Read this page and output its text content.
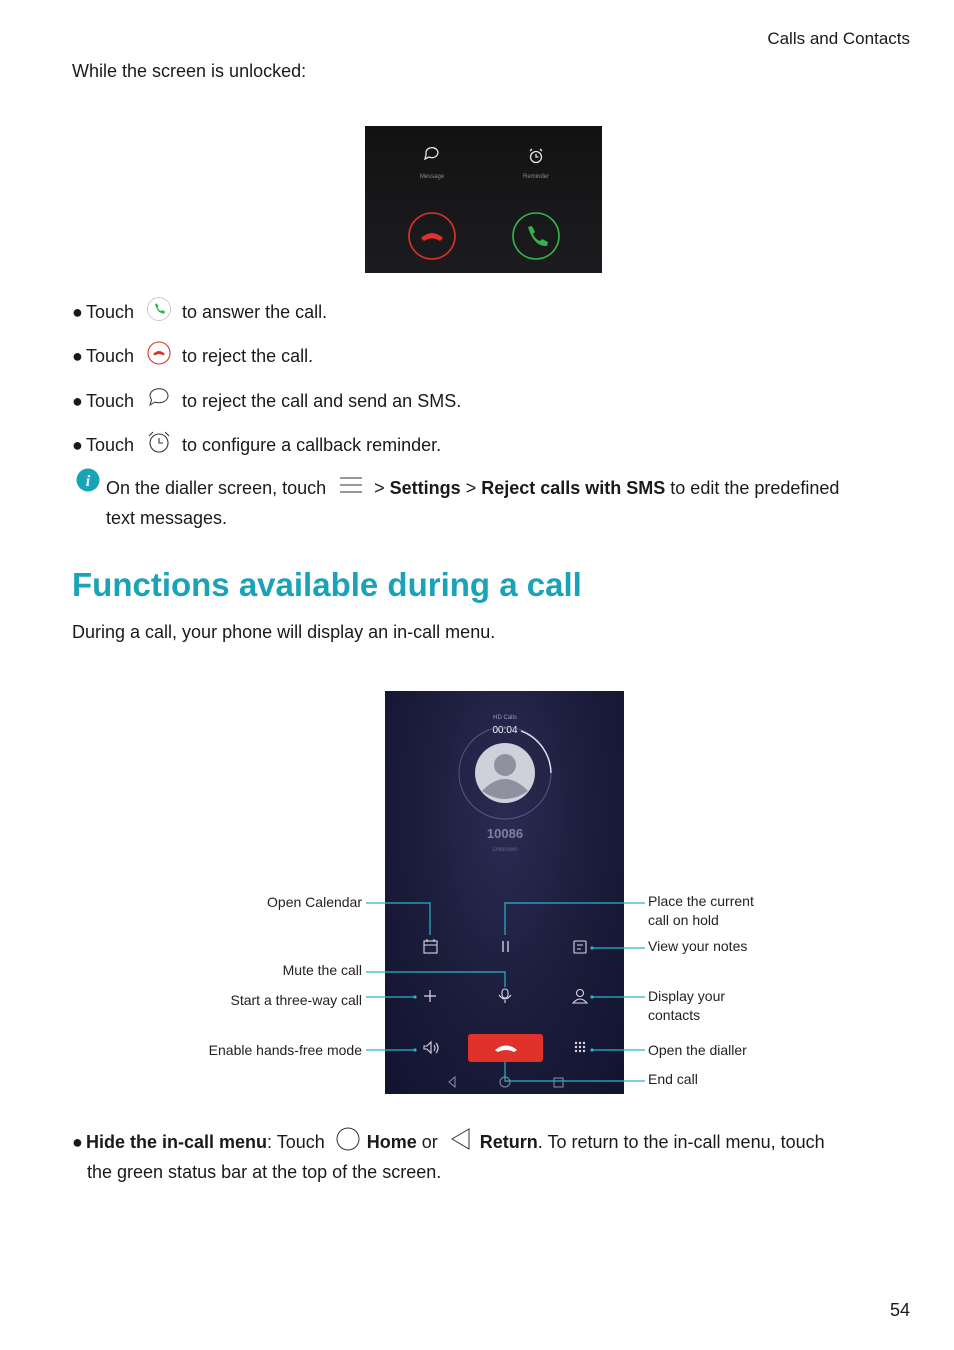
Calls and Contacts
While the screen is unlocked:
Message	Reminder
● Touch	to answer the call.
● Touch	to reject the call.
● Touch	to reject the call and send an SMS.
● Touch	to configure a callback reminder.
i On the dialler screen, touch	> Settings > Reject calls with SMS to edit the predefined
text messages.
Functions available during a call
During a call, your phone will display an in-call menu.
HD Calls
00:04
10086
Unknown
Open Calendar
Mute the call
Start a three-way call
Enable hands-free mode
Place the current
call on hold
View your notes
Display your
contacts
Open the dialler
End call
● Hide the in-call menu: Touch Home or Return. To return to the in-call menu, touch
the green status bar at the top of the screen.
54
